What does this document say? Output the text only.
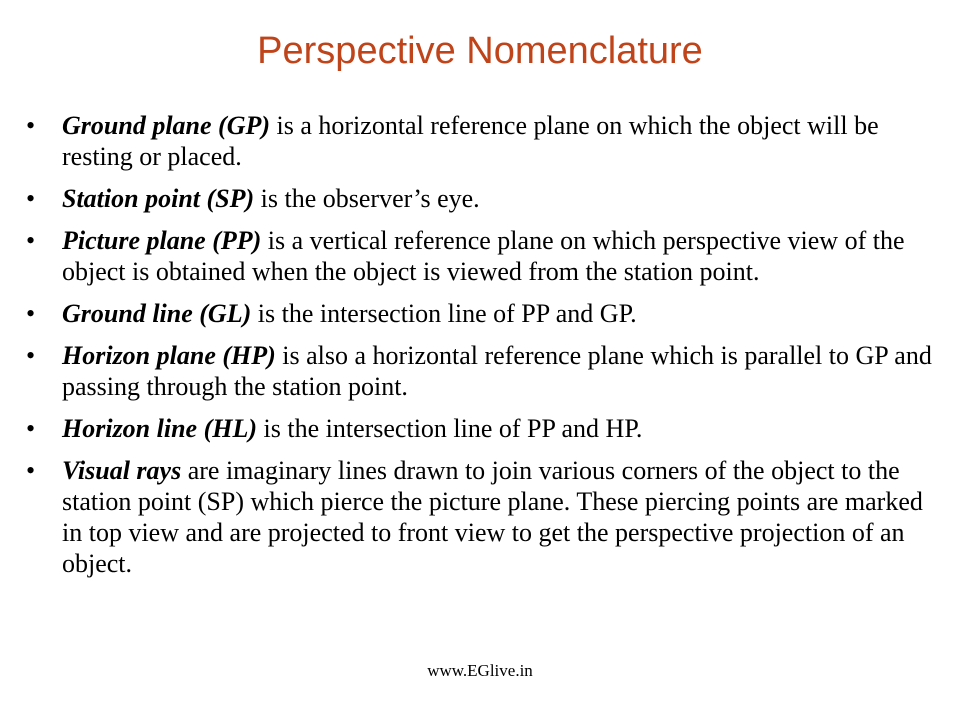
Perspective Nomenclature
•	Ground plane (GP) is a horizontal reference plane on which the object will be resting or placed.
•	Station point (SP) is the observer’s eye.
•	Picture plane (PP) is a vertical reference plane on which perspective view of the object is obtained when the object is viewed from the station point.
•	Ground line (GL) is the intersection line of PP and GP.
•	Horizon plane (HP) is also a horizontal reference plane which is parallel to GP and passing through the station point.
•	Horizon line (HL) is the intersection line of PP and HP.
•	Visual rays are imaginary lines drawn to join various corners of the object to the station point (SP) which pierce the picture plane. These piercing points are marked in top view and are projected to front view to get the perspective projection of an object.
www.EGlive.in
